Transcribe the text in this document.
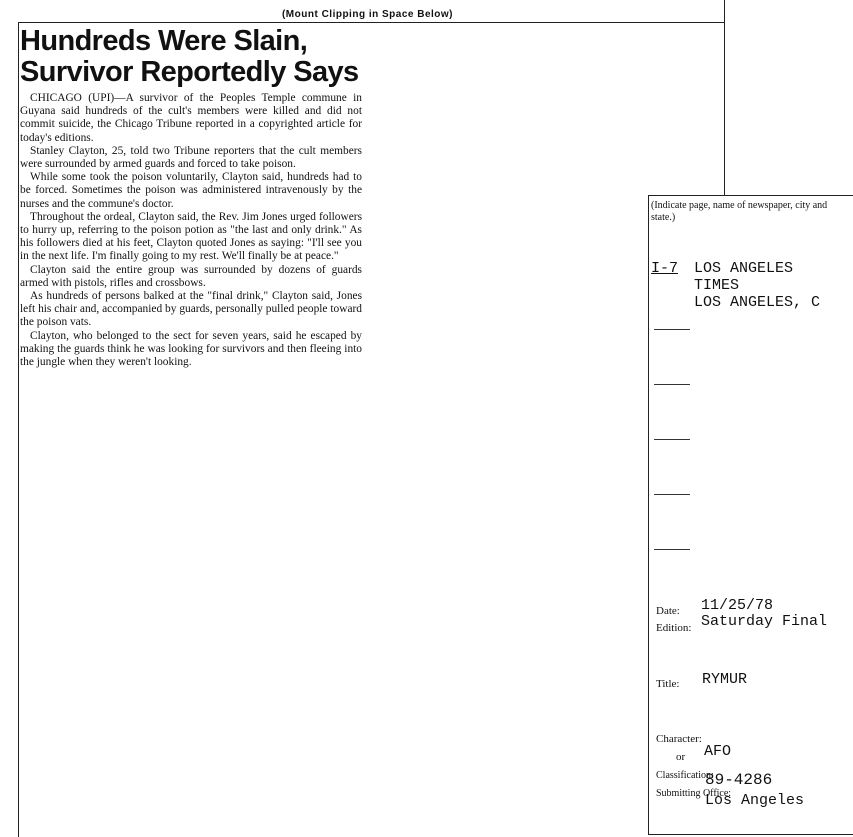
(Mount Clipping in Space Below)
Hundreds Were Slain,
Survivor Reportedly Says

CHICAGO (UPI)—A survivor of the Peoples Temple commune in Guyana said hundreds of the cult's members were killed and did not commit suicide, the Chicago Tribune reported in a copyrighted article for today's editions.

Stanley Clayton, 25, told two Tribune reporters that the cult members were surrounded by armed guards and forced to take poison.

While some took the poison voluntarily, Clayton said, hundreds had to be forced. Sometimes the poison was administered intravenously by the nurses and the commune's doctor.

Throughout the ordeal, Clayton said, the Rev. Jim Jones urged followers to hurry up, referring to the poison potion as "the last and only drink." As his followers died at his feet, Clayton quoted Jones as saying: "I'll see you in the next life. I'm finally going to my rest. We'll finally be at peace."

Clayton said the entire group was surrounded by dozens of guards armed with pistols, rifles and crossbows.

As hundreds of persons balked at the "final drink," Clayton said, Jones left his chair and, accompanied by guards, personally pulled people toward the poison vats.

Clayton, who belonged to the sect for seven years, said he escaped by making the guards think he was looking for survivors and then fleeing into the jungle when they weren't looking.

(Indicate page, name of newspaper, city and state.)
I-7 LOS ANGELES
TIMES
LOS ANGELES, C
Date: 11/25/78
Edition: Saturday Final
Title: RYMUR
Character:
or AFO
Classification:
89-4286
Submitting Office:
Los Angeles
